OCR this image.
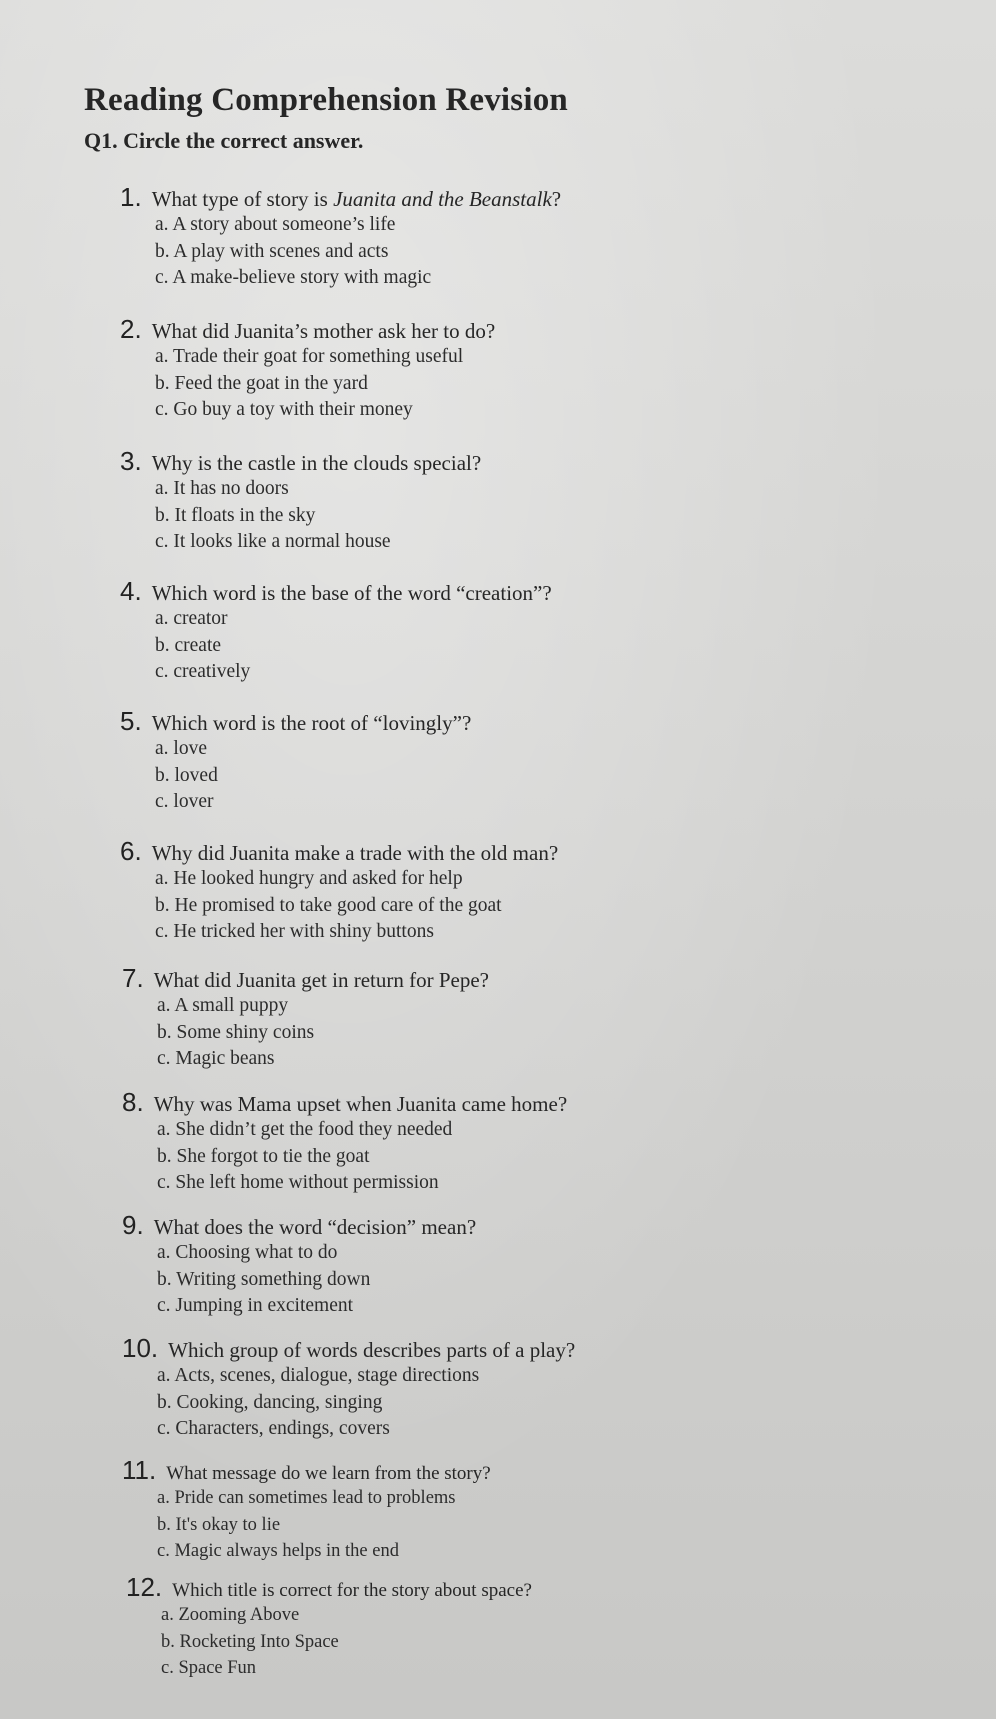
Reading Comprehension Revision
Q1. Circle the correct answer.
1. What type of story is Juanita and the Beanstalk?
a. A story about someone’s life
b. A play with scenes and acts
c. A make-believe story with magic
2. What did Juanita’s mother ask her to do?
a. Trade their goat for something useful
b. Feed the goat in the yard
c. Go buy a toy with their money
3. Why is the castle in the clouds special?
a. It has no doors
b. It floats in the sky
c. It looks like a normal house
4. Which word is the base of the word “creation”?
a. creator
b. create
c. creatively
5. Which word is the root of “lovingly”?
a. love
b. loved
c. lover
6. Why did Juanita make a trade with the old man?
a. He looked hungry and asked for help
b. He promised to take good care of the goat
c. He tricked her with shiny buttons
7. What did Juanita get in return for Pepe?
a. A small puppy
b. Some shiny coins
c. Magic beans
8. Why was Mama upset when Juanita came home?
a. She didn’t get the food they needed
b. She forgot to tie the goat
c. She left home without permission
9. What does the word “decision” mean?
a. Choosing what to do
b. Writing something down
c. Jumping in excitement
10. Which group of words describes parts of a play?
a. Acts, scenes, dialogue, stage directions
b. Cooking, dancing, singing
c. Characters, endings, covers
11. What message do we learn from the story?
a. Pride can sometimes lead to problems
b. It's okay to lie
c. Magic always helps in the end
12. Which title is correct for the story about space?
a. Zooming Above
b. Rocketing Into Space
c. Space Fun
